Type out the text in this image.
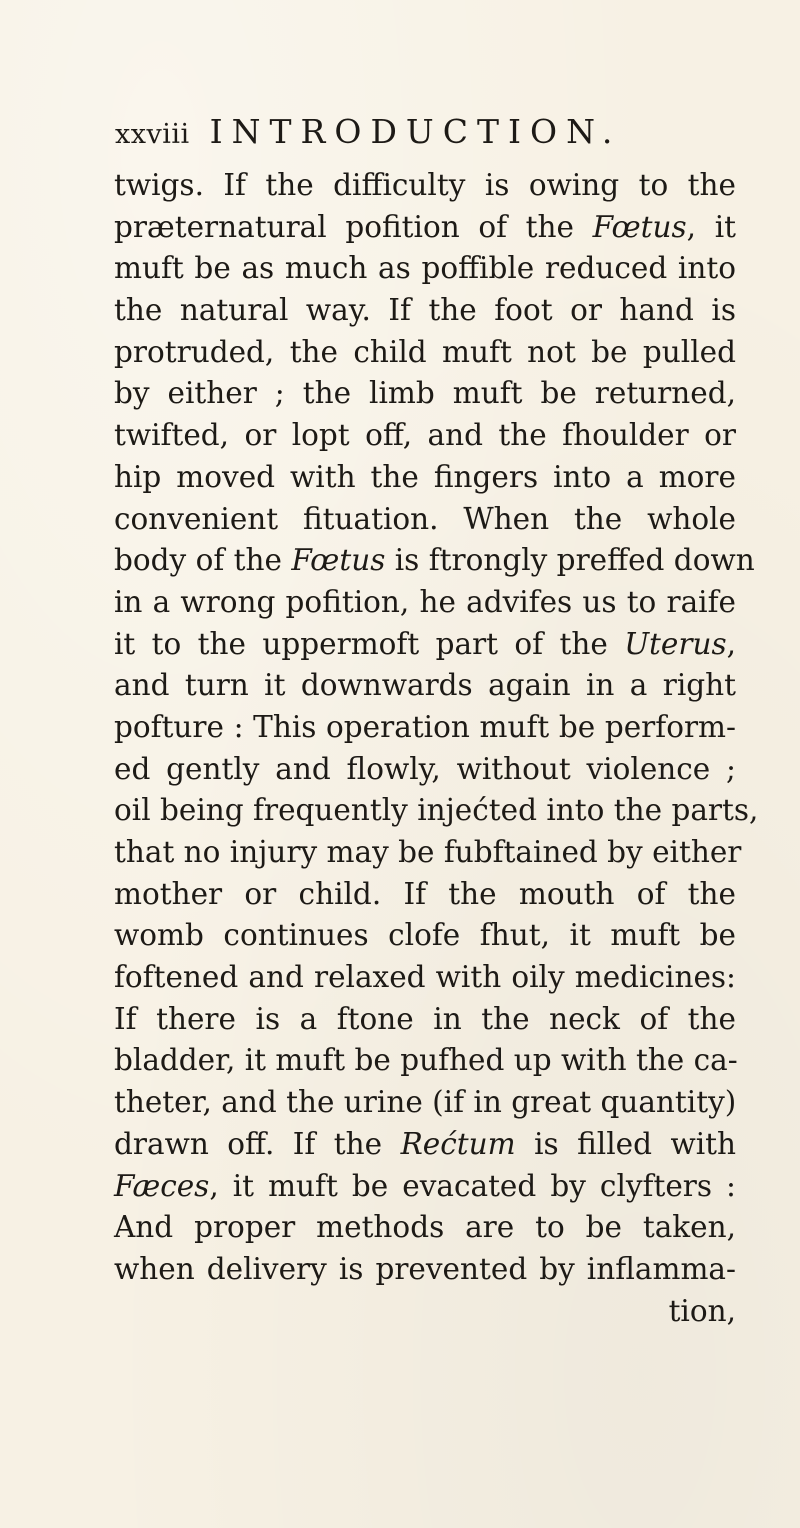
xxviii INTRODUCTION.
twigs. If the difficulty is owing to the
præternatural pofition of the Fœtus, it
muft be as much as poffible reduced into
the natural way. If the foot or hand is
protruded, the child muft not be pulled
by either ; the limb muft be returned,
twifted, or lopt off, and the fhoulder or
hip moved with the fingers into a more
convenient fituation. When the whole
body of the Fœtus is ftrongly preffed down
in a wrong pofition, he advifes us to raife
it to the uppermoft part of the Uterus,
and turn it downwards again in a right
pofture : This operation muft be perform-
ed gently and flowly, without violence ;
oil being frequently injećted into the parts,
that no injury may be fubftained by either
mother or child. If the mouth of the
womb continues clofe fhut, it muft be
foftened and relaxed with oily medicines:
If there is a ftone in the neck of the
bladder, it muft be pufhed up with the ca-
theter, and the urine (if in great quantity)
drawn off. If the Rećtum is filled with
Fæces, it muft be evacated by clyfters :
And proper methods are to be taken,
when delivery is prevented by inflamma-
tion,
